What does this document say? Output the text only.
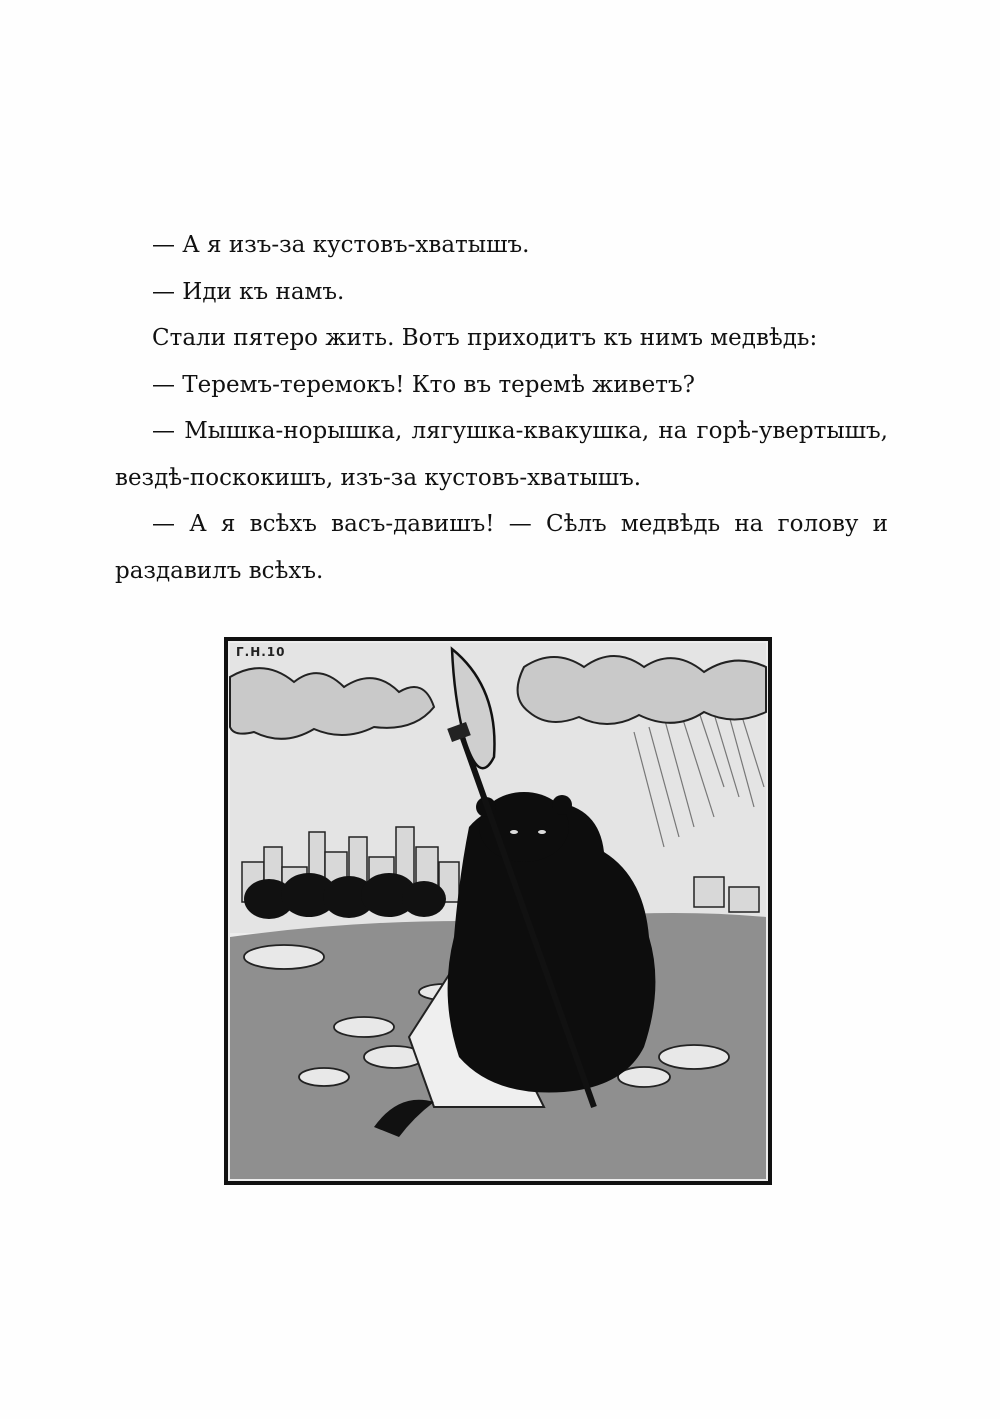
— А я изъ-за кустовъ-хватышъ.

— Иди къ намъ.

Стали пятеро жить. Вотъ приходитъ къ нимъ медвѣдь:

— Теремъ-теремокъ! Кто въ теремѣ живетъ?

— Мышка-норышка, лягушка-квакушка, на горѣ-увертышъ, вездѣ-поскокишъ, изъ-за кустовъ-хватышъ.

— А я всѣхъ васъ-давишъ! — Сѣлъ медвѣдь на голову и раздавилъ всѣхъ.

Г.Н.10
